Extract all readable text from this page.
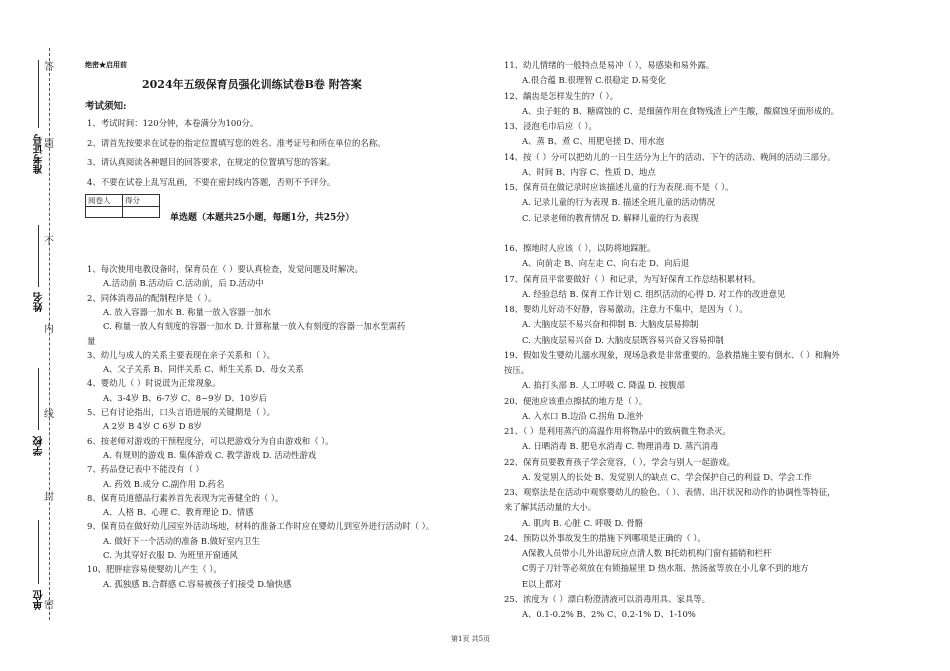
答
题
不
内
线
封
密
准考证号
姓名
学校
单位
绝密★启用前
2024年五级保育员强化训练试卷B卷 附答案
考试须知:
1、考试时间：120分钟，本卷满分为100分。
2、请首先按要求在试卷的指定位置填写您的姓名、准考证号和所在单位的名称。
3、请认真阅读各种题目的回答要求，在规定的位置填写您的答案。
4、不要在试卷上乱写乱画，不要在密封线内答题，否则不予评分。
阅卷人	得分

单选题（本题共25小题，每题1分，共25分）
1、每次使用电教设备时，保育员在（ ）要认真检查，发觉问题及时解决。
A.活动前 B.活动后 C.活动前，后 D.活动中
2、同体消毒品的配制程序是（ ）。
A. 放入容器一加水 B. 称量一放入容器一加水
C. 称量一放人有刻度的容器一加水 D. 计算称量一放入有刻度的容器一加水至需药
量
3、幼儿与成人的关系主要表现在亲子关系和（ ）。
A、父子关系 B、同伴关系 C、师生关系 D、母女关系
4、婴幼儿（ ）时说谎为正常现象。
A、3-4岁 B、6-7岁 C、8~9岁 D、10岁后
5、已有讨论指出，口头言语进展的关键期是（ ）。
A 2岁 B 4岁 C 6岁 D 8岁
6、按老师对游戏的干预程度分，可以把游戏分为自由游戏和（ ）。
A. 有规则的游戏 B. 集体游戏 C. 教学游戏 D. 活动性游戏
7、药品登记表中不能没有（ ）
A. 药效 B.成分 C.副作用 D.药名
8、保育员道德品行素养首先表现为完善健全的（ ）。
A、人格 B、心理 C、教育理论 D、情感
9、保育员在做好幼儿园室外活动场地，材料的准备工作时应在婴幼儿到室外进行活动时（ ）。
A. 做好下一个活动的准备 B.做好室内卫生
C. 为其穿好衣服 D. 为班里开窗通风
10、肥胖症容易使婴幼儿产生（ ）。
A. 孤独感 B.合群感 C.容易被孩子们接受 D.愉快感
11、幼儿情绪的一般特点是易冲（ ），易感染和易外露。
A.很合蕴 B.很理智 C.很稳定 D.易变化
12、龋齿是怎样发生的?（ ）。
A、虫子蛀的 B、糖腐蚀的 C、是细菌作用在食物残渣上产生酸，酸腐蚀牙面形成的。
13、浸泡毛巾后应（ ）。
A、蒸 B、煮 C、用肥皂搓 D、用水泡
14、按（ ）分可以把幼儿的一日生活分为上午的活动、下午的活动、晚间的活动三部分。
A、时间 B、内容 C、性质 D、地点
15、保育员在做记录时应该描述儿童的行为表现.而不是（ ）。
A. 记录儿童的行为表现 B. 描述全班儿童的活动情况
C. 记录老师的教育情况 D. 解释儿童的行为表现
16、擦地时人应该（ ），以防将地踩脏。
A、向前走 B、向左走 C、向右走 D、向后退
17、保育员平常要做好（ ）和记录，为写好保育工作总结积累材料。
A. 经验总结 B. 保育工作计划 C. 组织活动的心得 D. 对工作的改进意见
18、婴幼儿好动不好静，容易激动，注意力不集中，是因为（ ）。
A. 大脑皮层不易兴奋和抑制 B. 大脑皮层易抑制
C. 大脑皮层易兴奋 D. 大脑皮层既容易兴奋又容易抑制
19、假如发生婴幼儿溺水现象，现场急救是非常重要的。急救措施主要有倒水、（ ）和胸外
按压。
A. 掐打头部 B. 人工呼吸 C. 降温 D. 按腹部
20、便池应该重点擦拭的地方是（ ）。
A. 入水口 B.边沿 C.拐角 D.池外
21、（ ）是利用蒸汽的高温作用将物品中的致病微生物杀灭。
A. 日晒消毒 B. 肥皂水消毒 C. 物理消毒 D. 蒸汽消毒
22、保育员要教育孩子学会宽容，（ ），学会与别人一起游戏。
A. 发觉别人的长处 B、发觉别人的缺点 C、学会保护自己的利益 D、学会工作
23、观察法是在活动中观察婴幼儿的脸色、（ ）、表情、出汗状况和动作的协调性等特征，
来了解其活动量的大小。
A. 肌肉 B. 心脏 C. 呼吸 D. 骨骼
24、预防以外事故发生的措施下列哪项是正确的（ ）。
A保教人员带小儿外出游玩应点清人数 B托幼机构门窗有插销和栏杆
C剪子刀针等必须放在有锁抽屉里 D 热水瓶、热汤盆等放在小儿拿不到的地方
E以上都对
25、浓度为（ ）漂白粉澄清液可以消毒用具、家具等。
A、0.1-0.2% B、2% C、0.2-1% D、1-10%
第1页 共5页
